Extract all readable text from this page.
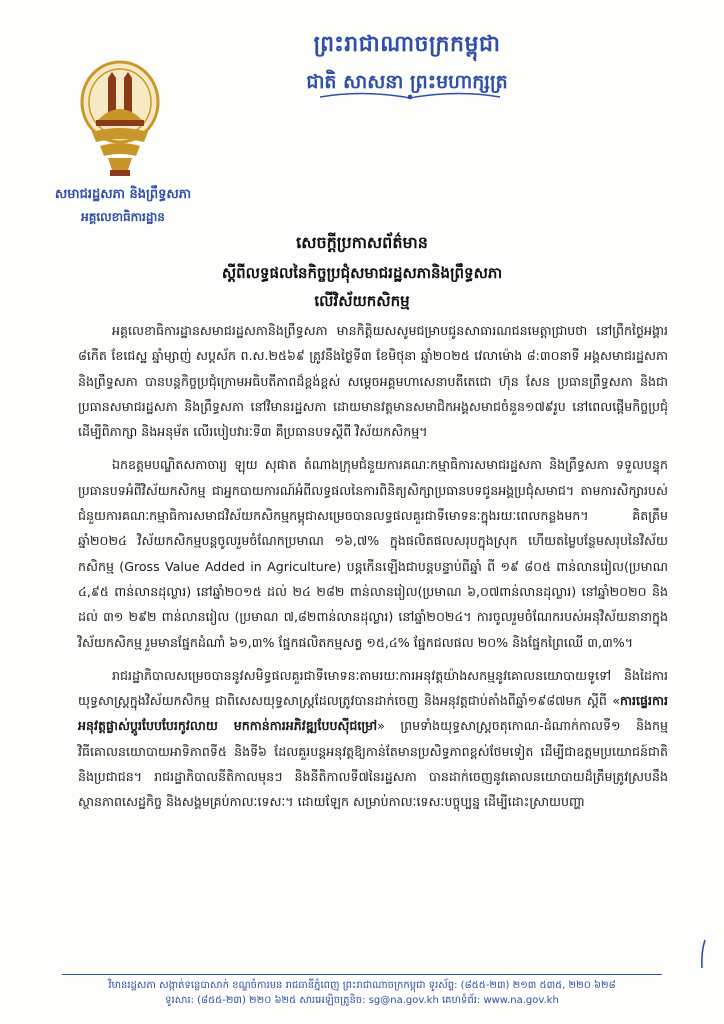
ព្រះរាជាណាចក្រកម្ពុជា
ជាតិ សាសនា ព្រះមហាក្សត្រ
សមាជរដ្ឋសភា និងព្រឹទ្ធសភា
អគ្គលេខាធិការដ្ឋាន
សេចក្តីប្រកាសព័ត៌មាន
ស្តីពីលទ្ធផលនៃកិច្ចប្រជុំសមាជរដ្ឋសភានិងព្រឹទ្ធសភា
លើវិស័យកសិកម្ម

អគ្គលេខាធិការដ្ឋានសមាជរដ្ឋសភានិងព្រឹទ្ធសភា មានកិត្តិយសសូមជម្រាបជូនសាធារណជនមេត្តាជ្រាបថា នៅព្រឹកថ្ងៃអង្គារ ៨កើត ខែជេស្ឋ ឆ្នាំម្សាញ់ សប្តស័ក ព.ស.២៥៦៩ ត្រូវនឹងថ្ងៃទី៣ ខែមិថុនា ឆ្នាំ២០២៥ វេលាម៉ោង ៨:៣០នាទី អង្គសមាជរដ្ឋសភានិងព្រឹទ្ធសភា បានបន្តកិច្ចប្រជុំក្រោមអធិបតីភាពដ៏ខ្ពង់ខ្ពស់ សម្តេចអគ្គមហាសេនាបតីតេជោ ហ៊ុន សែន ប្រធានព្រឹទ្ធសភា និងជាប្រធានសមាជរដ្ឋសភា និងព្រឹទ្ធសភា នៅវិមានរដ្ឋសភា ដោយមានវត្តមានសមាជិកអង្គសមាជចំនួន១៧៩រូប នៅពេលផ្តើមកិច្ចប្រជុំ ដើម្បីពិភាក្សា និងអនុម័ត លើរបៀបវារៈទី៣ គឺប្រធានបទស្តីពី វិស័យកសិកម្ម។

ឯកឧត្តមបណ្ឌិតសភាចារ្យ ឡុយ សុផាត តំណាងក្រុមជំនួយការគណៈកម្មាធិការសមាជរដ្ឋសភា និងព្រឹទ្ធសភា ទទួលបន្ទុកប្រធានបទអំពីវិស័យកសិកម្ម ជាអ្នកបាយការណ៍អំពីលទ្ធផលនៃការពិនិត្យសិក្សាប្រធានបទជូនអង្គប្រជុំសមាជ។ តាមការសិក្សារបស់ជំនួយការគណៈកម្មាធិការសមាជវិស័យកសិកម្មកម្ពុជាសម្រេចបានលទ្ធផលគួរជាទីមោទនៈក្នុងរយៈពេលកន្លងមក។ គិតត្រឹមឆ្នាំ២០២៤ វិស័យកសិកម្មបន្តចូលរួមចំណែកប្រមាណ ១៦,៧% ក្នុងផលិតផលសរុបក្នុងស្រុក ហើយតម្លៃបន្ថែមសរុបនៃវិស័យកសិកម្ម (Gross Value Added in Agriculture) បន្តកើនឡើងជាបន្តបន្ទាប់ពីឆ្នាំ ពី ១៩ ៨០៥ ពាន់លានរៀល(ប្រមាណ ៤,៩៥ ពាន់លានដុល្លារ) នៅឆ្នាំ២០១៥ ដល់ ២៤ ២៨២ ពាន់លានរៀល(ប្រមាណ ៦,០៧ពាន់លានដុល្លារ) នៅឆ្នាំ២០២០ និងដល់ ៣១ ២៩២ ពាន់លានរៀល (ប្រមាណ ៧,៨២ពាន់លានដុល្លារ) នៅឆ្នាំ២០២៤។ ការចូលរួមចំណែករបស់អនុវិស័យនានាក្នុងវិស័យកសិកម្ម រួមមានផ្នែកដំណាំ ៦១,៣% ផ្នែកផលិតកម្មសត្វ ១៥,៤% ផ្នែកជលផល ២០% និងផ្នែកព្រៃឈើ ៣,៣%។

រាជរដ្ឋាភិបាលសម្រេចបាននូវសមិទ្ធផលគួរជាទីមោទនៈតាមរយៈការអនុវត្តយ៉ាងសកម្មនូវគោលនយោបាយទូទៅ និងដៃការយុទ្ធសាស្ត្រក្នុងវិស័យកសិកម្ម ជាពិសេសយុទ្ធសាស្ត្រដែលត្រូវបានដាក់ចេញ និងអនុវត្តជាប់តាំងពីឆ្នាំ១៩៨៧មក ស្តីពី «ការផ្ទេរការអនុវត្តផ្លាស់ប្តូរបែបបែរកូវលាយ មកកាន់ការអភិវឌ្ឍបែបស៊ីជម្រៅ» ព្រមទាំងយុទ្ធសាស្ត្រចតុកោណ-ដំណាក់កាលទី១ និងកម្មវិធីគោលនយោបាយអាទិភាពទី៥ និងទី៦ ដែលគួរបន្តអនុវត្តឱ្យកាន់តែមានប្រសិទ្ធភាពខ្ពស់ថែមទៀត ដើម្បីជាឧត្តមប្រយោជន៍ជាតិ និងប្រជាជន។ រាជរដ្ឋាភិបាលនីតិកាលមុនៗ និងនីតិកាលទី៧នៃរដ្ឋសភា បានដាក់ចេញនូវគោលនយោបាយដ៏ត្រឹមត្រូវស្របនឹងស្ថានភាពសេដ្ឋកិច្ច និងសង្គមគ្រប់កាលៈទេសៈ។ ដោយឡែក សម្រាប់កាលៈទេសៈបច្ចុប្បន្ន ដើម្បីដោះស្រាយបញ្ហា

វិមានរដ្ឋសភា សង្កាត់ទន្លេបាសាក់ ខណ្ឌចំការមន រាជធានីភ្នំពេញ ព្រះរាជាណាចក្រកម្ពុជា ទូរស័ព្ទ: (៨៥៥-២៣) ២១៣ ៥៣៥, ២២០ ៦២៨
ទូរសារ: (៨៥៥-២៣) ២២០ ៦២៥ សារអេឡិចត្រូនិច: sg@na.gov.kh គេហទំព័រ: www.na.gov.kh
